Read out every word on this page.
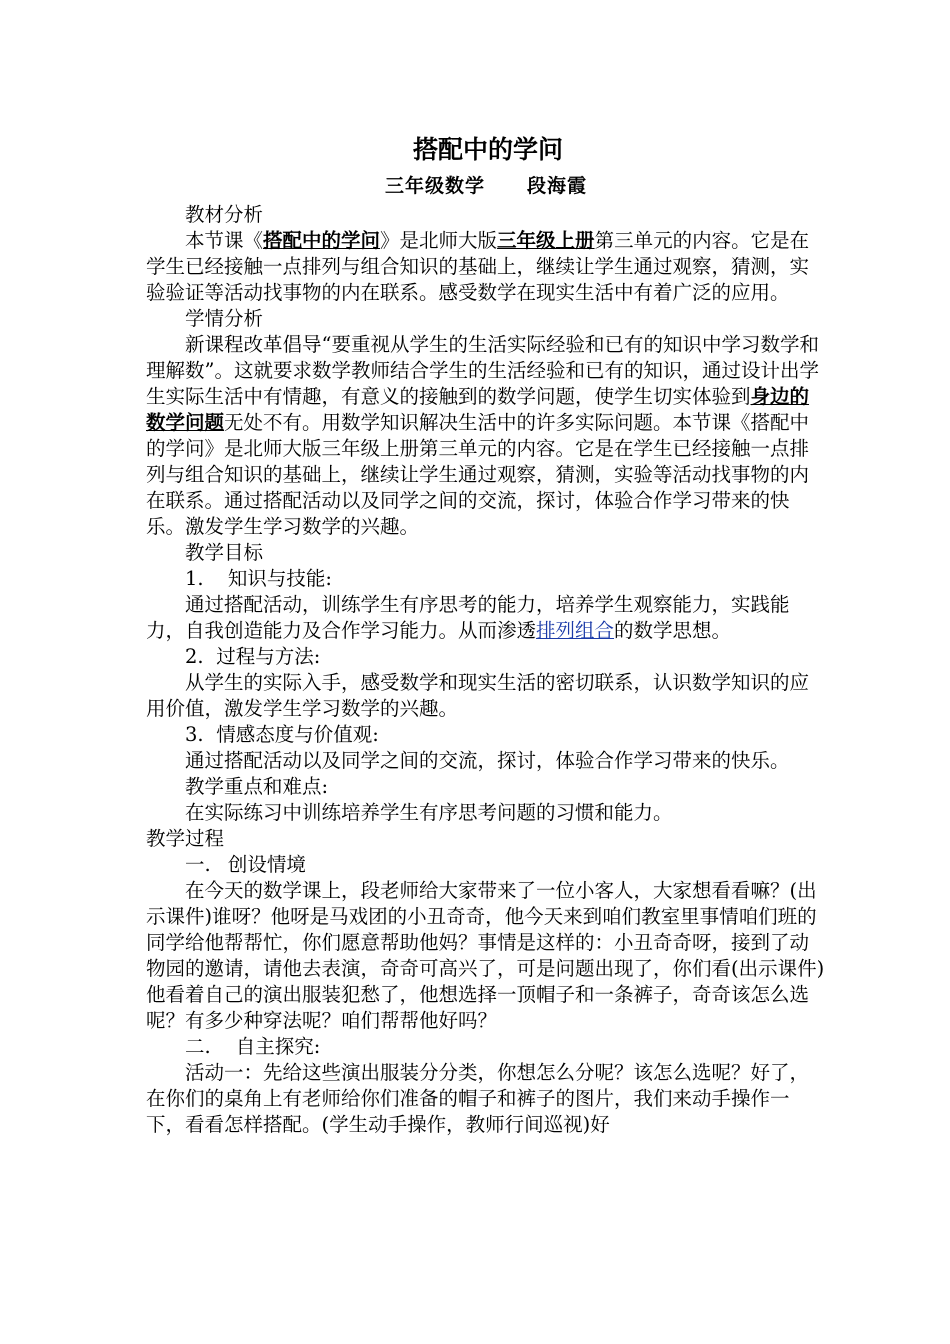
搭配中的学问

三年级数学 段海霞

教材分析

本节课《搭配中的学问》是北师大版三年级上册第三单元的内容。它是在学生已经接触一点排列与组合知识的基础上，继续让学生通过观察，猜测，实验验证等活动找事物的内在联系。感受数学在现实生活中有着广泛的应用。

学情分析

新课程改革倡导“要重视从学生的生活实际经验和已有的知识中学习数学和理解数”。这就要求数学教师结合学生的生活经验和已有的知识，通过设计出学生实际生活中有情趣，有意义的接触到的数学问题，使学生切实体验到身边的数学问题无处不有。用数学知识解决生活中的许多实际问题。本节课《搭配中的学问》是北师大版三年级上册第三单元的内容。它是在学生已经接触一点排列与组合知识的基础上，继续让学生通过观察，猜测，实验等活动找事物的内在联系。通过搭配活动以及同学之间的交流，探讨，体验合作学习带来的快乐。激发学生学习数学的兴趣。

教学目标

1. 知识与技能:

通过搭配活动，训练学生有序思考的能力，培养学生观察能力，实践能力，自我创造能力及合作学习能力。从而渗透排列组合的数学思想。

2. 过程与方法:

从学生的实际入手，感受数学和现实生活的密切联系，认识数学知识的应用价值，激发学生学习数学的兴趣。

3. 情感态度与价值观:

通过搭配活动以及同学之间的交流，探讨，体验合作学习带来的快乐。

教学重点和难点:

在实际练习中训练培养学生有序思考问题的习惯和能力。

教学过程

一. 创设情境

在今天的数学课上，段老师给大家带来了一位小客人，大家想看看嘛？(出示课件)谁呀？他呀是马戏团的小丑奇奇，他今天来到咱们教室里事情咱们班的同学给他帮帮忙，你们愿意帮助他妈？事情是这样的：小丑奇奇呀，接到了动物园的邀请，请他去表演，奇奇可高兴了，可是问题出现了，你们看(出示课件)他看着自己的演出服装犯愁了，他想选择一顶帽子和一条裤子，奇奇该怎么选呢？有多少种穿法呢？咱们帮帮他好吗？

二. 自主探究:

活动一：先给这些演出服装分分类，你想怎么分呢？该怎么选呢？好了，在你们的桌角上有老师给你们准备的帽子和裤子的图片，我们来动手操作一下，看看怎样搭配。(学生动手操作，教师行间巡视)好
